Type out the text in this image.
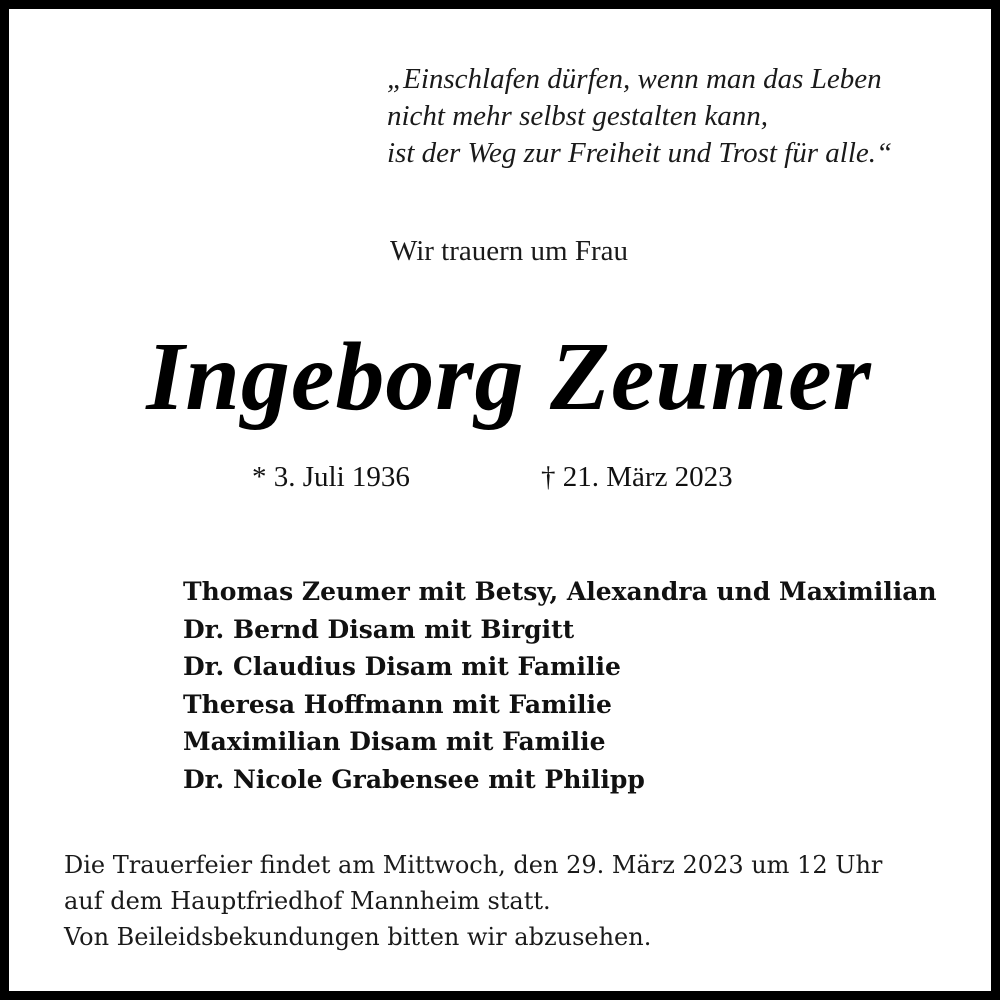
„Einschlafen dürfen, wenn man das Leben
nicht mehr selbst gestalten kann,
ist der Weg zur Freiheit und Trost für alle.“

Wir trauern um Frau

Ingeborg Zeumer
* 3. Juli 1936	† 21. März 2023
Thomas Zeumer mit Betsy, Alexandra und Maximilian
Dr. Bernd Disam mit Birgitt
Dr. Claudius Disam mit Familie
Theresa Hoffmann mit Familie
Maximilian Disam mit Familie
Dr. Nicole Grabensee mit Philipp

Die Trauerfeier findet am Mittwoch, den 29. März 2023 um 12 Uhr
auf dem Hauptfriedhof Mannheim statt.
Von Beileidsbekundungen bitten wir abzusehen.
